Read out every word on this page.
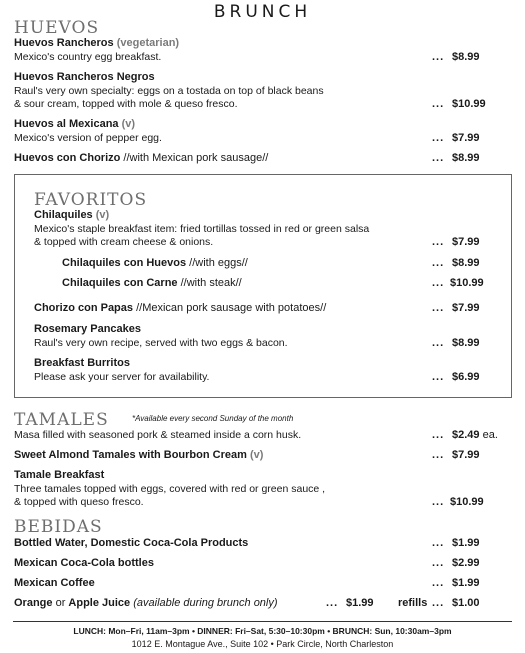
BRUNCH
HUEVOS
Huevos Rancheros (vegetarian)
Mexico's country egg breakfast.	... $8.99
Huevos Rancheros Negros
Raul's very own specialty: eggs on a tostada on top of black beans
& sour cream, topped with mole & queso fresco.	... $10.99
Huevos al Mexicana (v)
Mexico's version of pepper egg.	... $7.99
Huevos con Chorizo //with Mexican pork sausage//	... $8.99
FAVORITOS
Chilaquiles (v)
Mexico's staple breakfast item: fried tortillas tossed in red or green salsa
& topped with cream cheese & onions.	... $7.99
Chilaquiles con Huevos //with eggs//	... $8.99
Chilaquiles con Carne //with steak//	... $10.99
Chorizo con Papas //Mexican pork sausage with potatoes//	... $7.99
Rosemary Pancakes
Raul's very own recipe, served with two eggs & bacon.	... $8.99
Breakfast Burritos
Please ask your server for availability.	... $6.99
TAMALES	*Available every second Sunday of the month
Masa filled with seasoned pork & steamed inside a corn husk.	... $2.49 ea.
Sweet Almond Tamales with Bourbon Cream (v)	... $7.99
Tamale Breakfast
Three tamales topped with eggs, covered with red or green sauce ,
& topped with queso fresco.	... $10.99
BEBIDAS
Bottled Water, Domestic Coca-Cola Products	... $1.99
Mexican Coca-Cola bottles	... $2.99
Mexican Coffee	... $1.99
Orange or Apple Juice (available during brunch only)	... $1.99 refills ... $1.00
LUNCH: Mon–Fri, 11am–3pm • DINNER: Fri–Sat, 5:30–10:30pm • BRUNCH: Sun, 10:30am–3pm
1012 E. Montague Ave., Suite 102 • Park Circle, North Charleston
